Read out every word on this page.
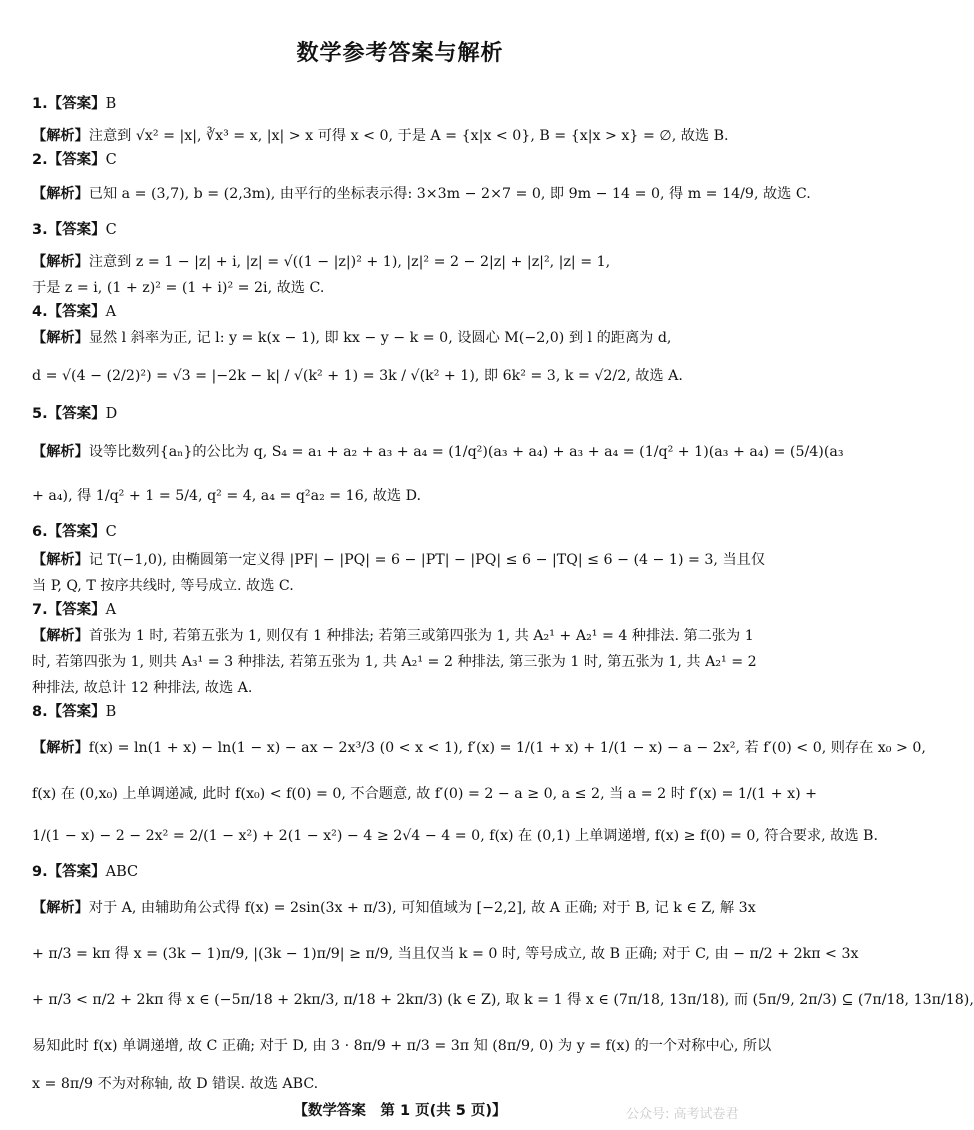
数学参考答案与解析
1.【答案】B
【解析】注意到 √x² = |x|, ∛x³ = x, |x| > x 可得 x < 0, 于是 A = {x|x < 0}, B = {x|x > x} = ∅, 故选 B.
2.【答案】C
【解析】已知 a = (3,7), b = (2,3m), 由平行的坐标表示得: 3×3m − 2×7 = 0, 即 9m − 14 = 0, 得 m = 14/9, 故选 C.
3.【答案】C
【解析】注意到 z = 1 − |z| + i, |z| = √((1 − |z|)² + 1), |z|² = 2 − 2|z| + |z|², |z| = 1,
于是 z = i, (1 + z)² = (1 + i)² = 2i, 故选 C.
4.【答案】A
【解析】显然 l 斜率为正, 记 l: y = k(x − 1), 即 kx − y − k = 0, 设圆心 M(−2,0) 到 l 的距离为 d,
d = √(4 − (2/2)²) = √3 = |−2k − k| / √(k² + 1) = 3k / √(k² + 1), 即 6k² = 3, k = √2/2, 故选 A.
5.【答案】D
【解析】设等比数列{aₙ}的公比为 q, S₄ = a₁ + a₂ + a₃ + a₄ = (1/q²)(a₃ + a₄) + a₃ + a₄ = (1/q² + 1)(a₃ + a₄) = (5/4)(a₃
+ a₄), 得 1/q² + 1 = 5/4, q² = 4, a₄ = q²a₂ = 16, 故选 D.
6.【答案】C
【解析】记 T(−1,0), 由椭圆第一定义得 |PF| − |PQ| = 6 − |PT| − |PQ| ≤ 6 − |TQ| ≤ 6 − (4 − 1) = 3, 当且仅
当 P, Q, T 按序共线时, 等号成立. 故选 C.
7.【答案】A
【解析】首张为 1 时, 若第五张为 1, 则仅有 1 种排法; 若第三或第四张为 1, 共 A₂¹ + A₂¹ = 4 种排法. 第二张为 1
时, 若第四张为 1, 则共 A₃¹ = 3 种排法, 若第五张为 1, 共 A₂¹ = 2 种排法, 第三张为 1 时, 第五张为 1, 共 A₂¹ = 2
种排法, 故总计 12 种排法, 故选 A.
8.【答案】B
【解析】f(x) = ln(1 + x) − ln(1 − x) − ax − 2x³/3 (0 < x < 1), f′(x) = 1/(1 + x) + 1/(1 − x) − a − 2x², 若 f′(0) < 0, 则存在 x₀ > 0,
f(x) 在 (0,x₀) 上单调递减, 此时 f(x₀) < f(0) = 0, 不合题意, 故 f′(0) = 2 − a ≥ 0, a ≤ 2, 当 a = 2 时 f′(x) = 1/(1 + x) +
1/(1 − x) − 2 − 2x² = 2/(1 − x²) + 2(1 − x²) − 4 ≥ 2√4 − 4 = 0, f(x) 在 (0,1) 上单调递增, f(x) ≥ f(0) = 0, 符合要求, 故选 B.
9.【答案】ABC
【解析】对于 A, 由辅助角公式得 f(x) = 2sin(3x + π/3), 可知值域为 [−2,2], 故 A 正确; 对于 B, 记 k ∈ Z, 解 3x
+ π/3 = kπ 得 x = (3k − 1)π/9, |(3k − 1)π/9| ≥ π/9, 当且仅当 k = 0 时, 等号成立, 故 B 正确; 对于 C, 由 − π/2 + 2kπ < 3x
+ π/3 < π/2 + 2kπ 得 x ∈ (−5π/18 + 2kπ/3, π/18 + 2kπ/3) (k ∈ Z), 取 k = 1 得 x ∈ (7π/18, 13π/18), 而 (5π/9, 2π/3) ⊆ (7π/18, 13π/18),
易知此时 f(x) 单调递增, 故 C 正确; 对于 D, 由 3 · 8π/9 + π/3 = 3π 知 (8π/9, 0) 为 y = f(x) 的一个对称中心, 所以
x = 8π/9 不为对称轴, 故 D 错误. 故选 ABC.
【数学答案　第 1 页(共 5 页)】	公众号: 高考试卷君
